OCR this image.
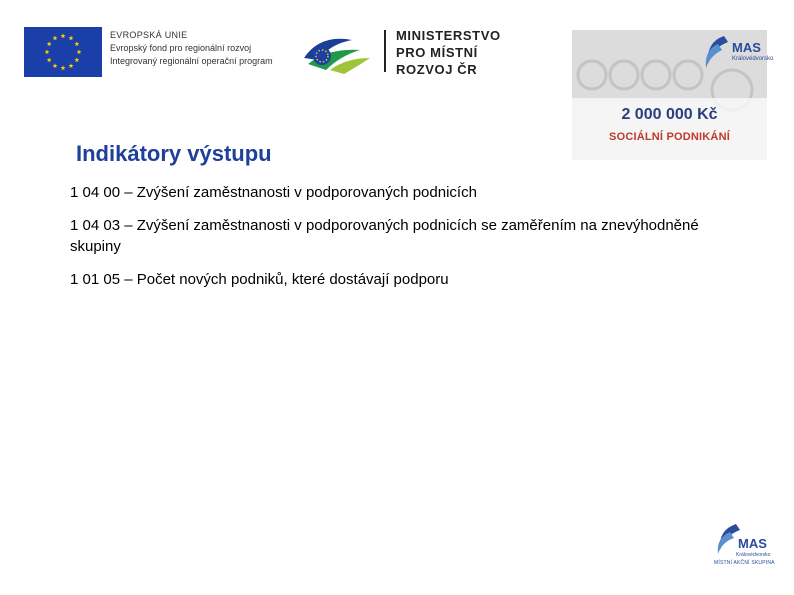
EVROPSKÁ UNIE
Evropský fond pro regionální rozvoj
Integrovaný regionální operační program
MINISTERSTVO
PRO MÍSTNÍ
ROZVOJ ČR
MAS
Královédvorsko
2 000 000 Kč
SOCIÁLNÍ PODNIKÁNÍ
Indikátory výstupu
1 04 00 – Zvýšení zaměstnanosti v podporovaných podnicích
1 04 03 – Zvýšení zaměstnanosti v podporovaných podnicích se zaměřením na znevýhodněné skupiny
1 01 05 – Počet nových podniků, které dostávají podporu
MAS
Královédvorsko
MÍSTNÍ AKČNÍ SKUPINA
